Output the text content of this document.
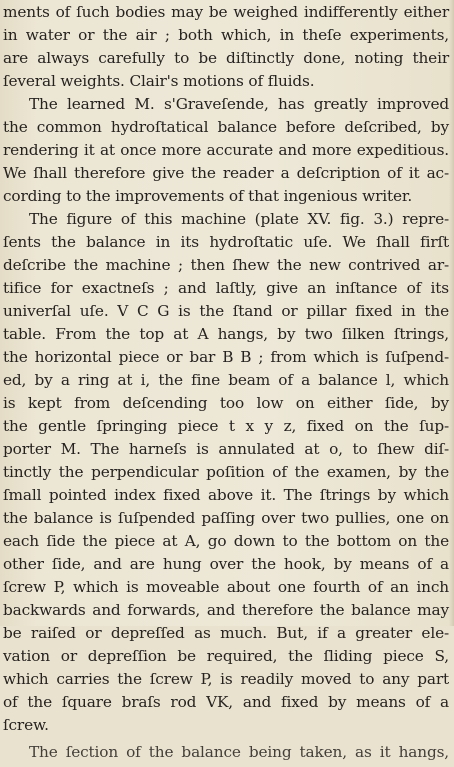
ments of ſuch bodies may be weighed indifferently either
in water or the air ; both which, in theſe experiments,
are always carefully to be diſtinctly done, noting their
ſeveral weights. Clair's motions of fluids.
The learned M. s'Graveſende, has greatly improved
the common hydroſtatical balance before deſcribed, by
rendering it at once more accurate and more expeditious.
We ſhall therefore give the reader a deſcription of it ac-
cording to the improvements of that ingenious writer.
The figure of this machine (plate XV. fig. 3.) repre-
ſents the balance in its hydroſtatic uſe. We ſhall firſt
deſcribe the machine ; then ſhew the new contrived ar-
tifice for exactneſs ; and laſtly, give an inſtance of its
univerſal uſe. V C G is the ſtand or pillar fixed in the
table. From the top at A hangs, by two ſilken ſtrings,
the horizontal piece or bar B B ; from which is ſuſpend-
ed, by a ring at i, the fine beam of a balance l, which
is kept from deſcending too low on either ſide, by
the gentle ſpringing piece t x y z, fixed on the ſup-
porter M. The harneſs is annulated at o, to ſhew diſ-
tinctly the perpendicular poſition of the examen, by the
ſmall pointed index fixed above it. The ſtrings by which
the balance is ſuſpended paſſing over two pullies, one on
each ſide the piece at A, go down to the bottom on the
other ſide, and are hung over the hook, by means of a
ſcrew P, which is moveable about one fourth of an inch
backwards and forwards, and therefore the balance may
be raiſed or depreſſed as much. But, if a greater ele-
vation or depreſſion be required, the ſliding piece S,
which carries the ſcrew P, is readily moved to any part
of the ſquare braſs rod VK, and fixed by means of a
ſcrew.
The ſection of the balance being taken, as it hangs,
